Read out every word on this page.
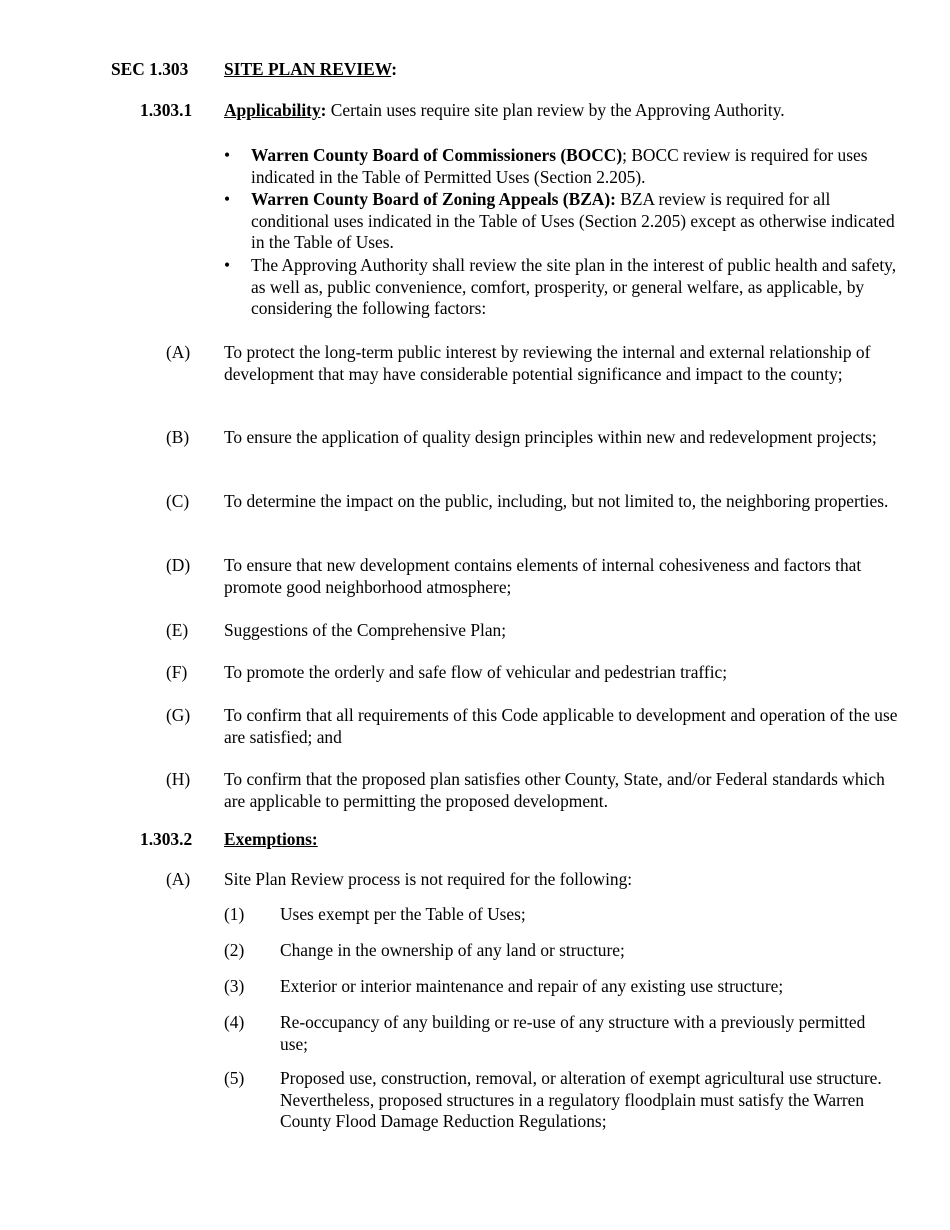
SEC 1.303 SITE PLAN REVIEW:
1.303.1 Applicability: Certain uses require site plan review by the Approving Authority.
• Warren County Board of Commissioners (BOCC); BOCC review is required for uses indicated in the Table of Permitted Uses (Section 2.205).
• Warren County Board of Zoning Appeals (BZA): BZA review is required for all conditional uses indicated in the Table of Uses (Section 2.205) except as otherwise indicated in the Table of Uses.
• The Approving Authority shall review the site plan in the interest of public health and safety, as well as, public convenience, comfort, prosperity, or general welfare, as applicable, by considering the following factors:
(A) To protect the long-term public interest by reviewing the internal and external relationship of development that may have considerable potential significance and impact to the county;
(B) To ensure the application of quality design principles within new and redevelopment projects;
(C) To determine the impact on the public, including, but not limited to, the neighboring properties.
(D) To ensure that new development contains elements of internal cohesiveness and factors that promote good neighborhood atmosphere;
(E) Suggestions of the Comprehensive Plan;
(F) To promote the orderly and safe flow of vehicular and pedestrian traffic;
(G) To confirm that all requirements of this Code applicable to development and operation of the use are satisfied; and
(H) To confirm that the proposed plan satisfies other County, State, and/or Federal standards which are applicable to permitting the proposed development.
1.303.2 Exemptions:
(A) Site Plan Review process is not required for the following:
(1) Uses exempt per the Table of Uses;
(2) Change in the ownership of any land or structure;
(3) Exterior or interior maintenance and repair of any existing use structure;
(4) Re-occupancy of any building or re-use of any structure with a previously permitted use;
(5) Proposed use, construction, removal, or alteration of exempt agricultural use structure. Nevertheless, proposed structures in a regulatory floodplain must satisfy the Warren County Flood Damage Reduction Regulations;
